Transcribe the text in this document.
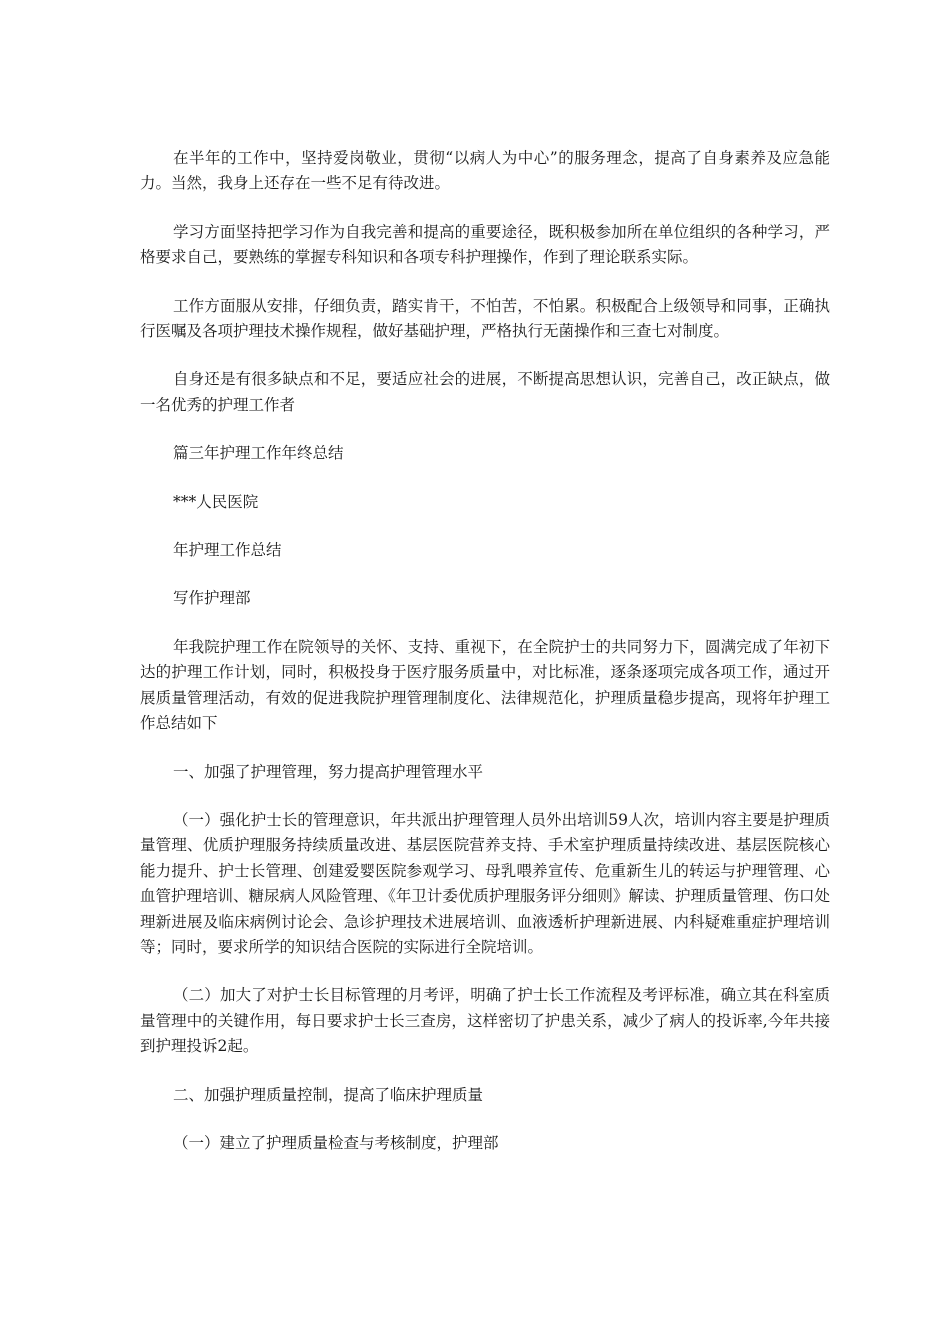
在半年的工作中，坚持爱岗敬业，贯彻“以病人为中心”的服务理念，提高了自身素养及应急能力。当然，我身上还存在一些不足有待改进。

学习方面坚持把学习作为自我完善和提高的重要途径，既积极参加所在单位组织的各种学习，严格要求自己，要熟练的掌握专科知识和各项专科护理操作，作到了理论联系实际。

工作方面服从安排，仔细负责，踏实肯干，不怕苦，不怕累。积极配合上级领导和同事，正确执行医嘱及各项护理技术操作规程，做好基础护理，严格执行无菌操作和三查七对制度。

自身还是有很多缺点和不足，要适应社会的进展，不断提高思想认识，完善自己，改正缺点，做一名优秀的护理工作者

篇三年护理工作年终总结

***人民医院

年护理工作总结

写作护理部

年我院护理工作在院领导的关怀、支持、重视下，在全院护士的共同努力下，圆满完成了年初下达的护理工作计划，同时，积极投身于医疗服务质量中，对比标准，逐条逐项完成各项工作，通过开展质量管理活动，有效的促进我院护理管理制度化、法律规范化，护理质量稳步提高，现将年护理工作总结如下

一、加强了护理管理，努力提高护理管理水平

（一）强化护士长的管理意识，年共派出护理管理人员外出培训59人次，培训内容主要是护理质量管理、优质护理服务持续质量改进、基层医院营养支持、手术室护理质量持续改进、基层医院核心能力提升、护士长管理、创建爱婴医院参观学习、母乳喂养宣传、危重新生儿的转运与护理管理、心血管护理培训、糖尿病人风险管理、《年卫计委优质护理服务评分细则》解读、护理质量管理、伤口处理新进展及临床病例讨论会、急诊护理技术进展培训、血液透析护理新进展、内科疑难重症护理培训等；同时，要求所学的知识结合医院的实际进行全院培训。

（二）加大了对护士长目标管理的月考评，明确了护士长工作流程及考评标准，确立其在科室质量管理中的关键作用，每日要求护士长三查房，这样密切了护患关系，减少了病人的投诉率,今年共接到护理投诉2起。

二、加强护理质量控制，提高了临床护理质量

（一）建立了护理质量检查与考核制度，护理部
